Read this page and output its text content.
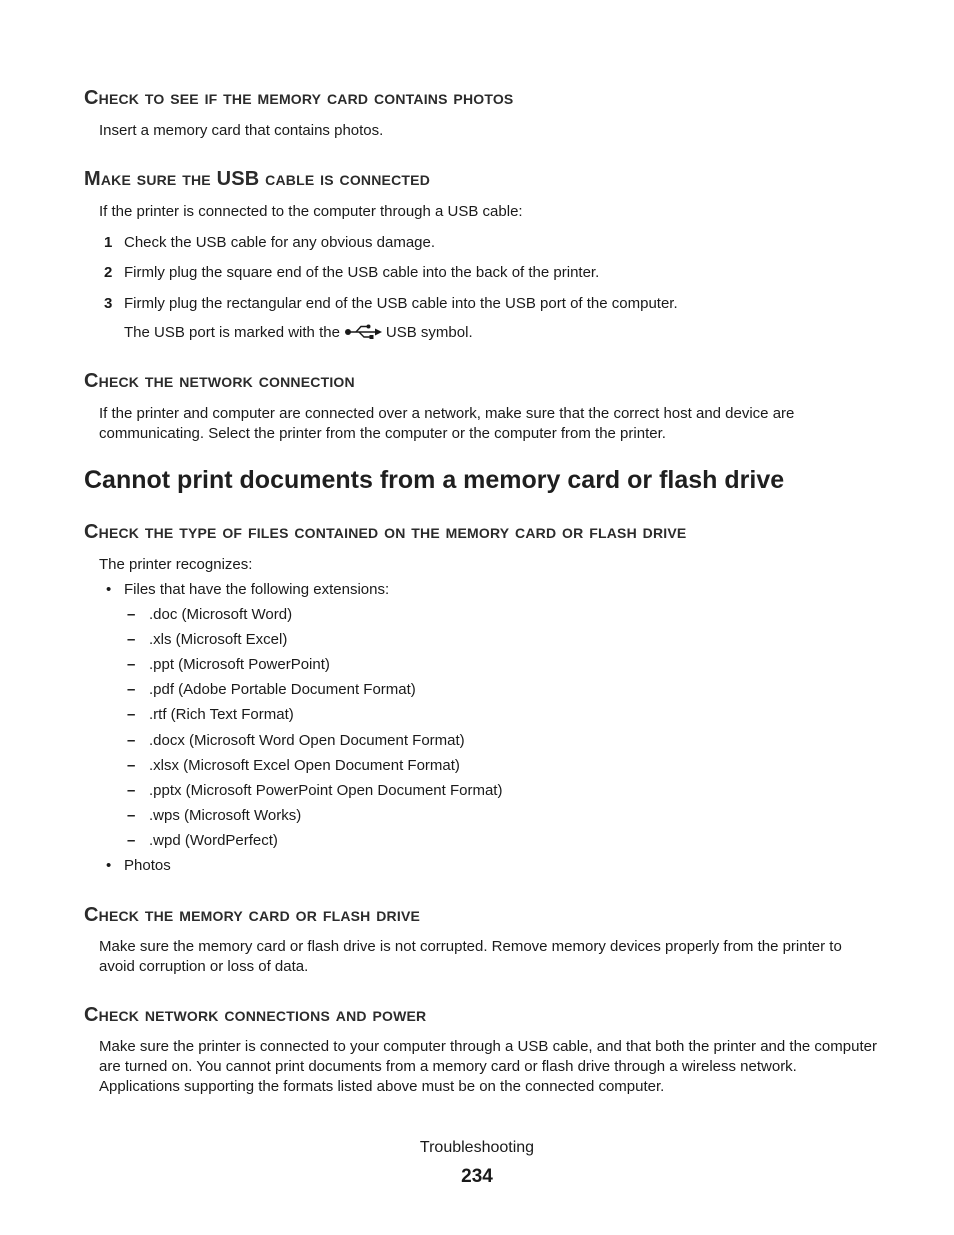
Check to see if the memory card contains photos

Insert a memory card that contains photos.

Make sure the USB cable is connected

If the printer is connected to the computer through a USB cable:

1 Check the USB cable for any obvious damage.
2 Firmly plug the square end of the USB cable into the back of the printer.
3 Firmly plug the rectangular end of the USB cable into the USB port of the computer.
The USB port is marked with the	USB symbol.
Check the network connection

If the printer and computer are connected over a network, make sure that the correct host and device are communicating. Select the printer from the computer or the computer from the printer.

Cannot print documents from a memory card or flash drive
Check the type of files contained on the memory card or flash drive

The printer recognizes:

• Files that have the following extensions:
– .doc (Microsoft Word)
– .xls (Microsoft Excel)
– .ppt (Microsoft PowerPoint)
– .pdf (Adobe Portable Document Format)
– .rtf (Rich Text Format)
– .docx (Microsoft Word Open Document Format)
– .xlsx (Microsoft Excel Open Document Format)
– .pptx (Microsoft PowerPoint Open Document Format)
– .wps (Microsoft Works)
– .wpd (WordPerfect)
• Photos
Check the memory card or flash drive

Make sure the memory card or flash drive is not corrupted. Remove memory devices properly from the printer to avoid corruption or loss of data.

Check network connections and power

Make sure the printer is connected to your computer through a USB cable, and that both the printer and the computer are turned on. You cannot print documents from a memory card or flash drive through a wireless network. Applications supporting the formats listed above must be on the connected computer.

Troubleshooting
234
